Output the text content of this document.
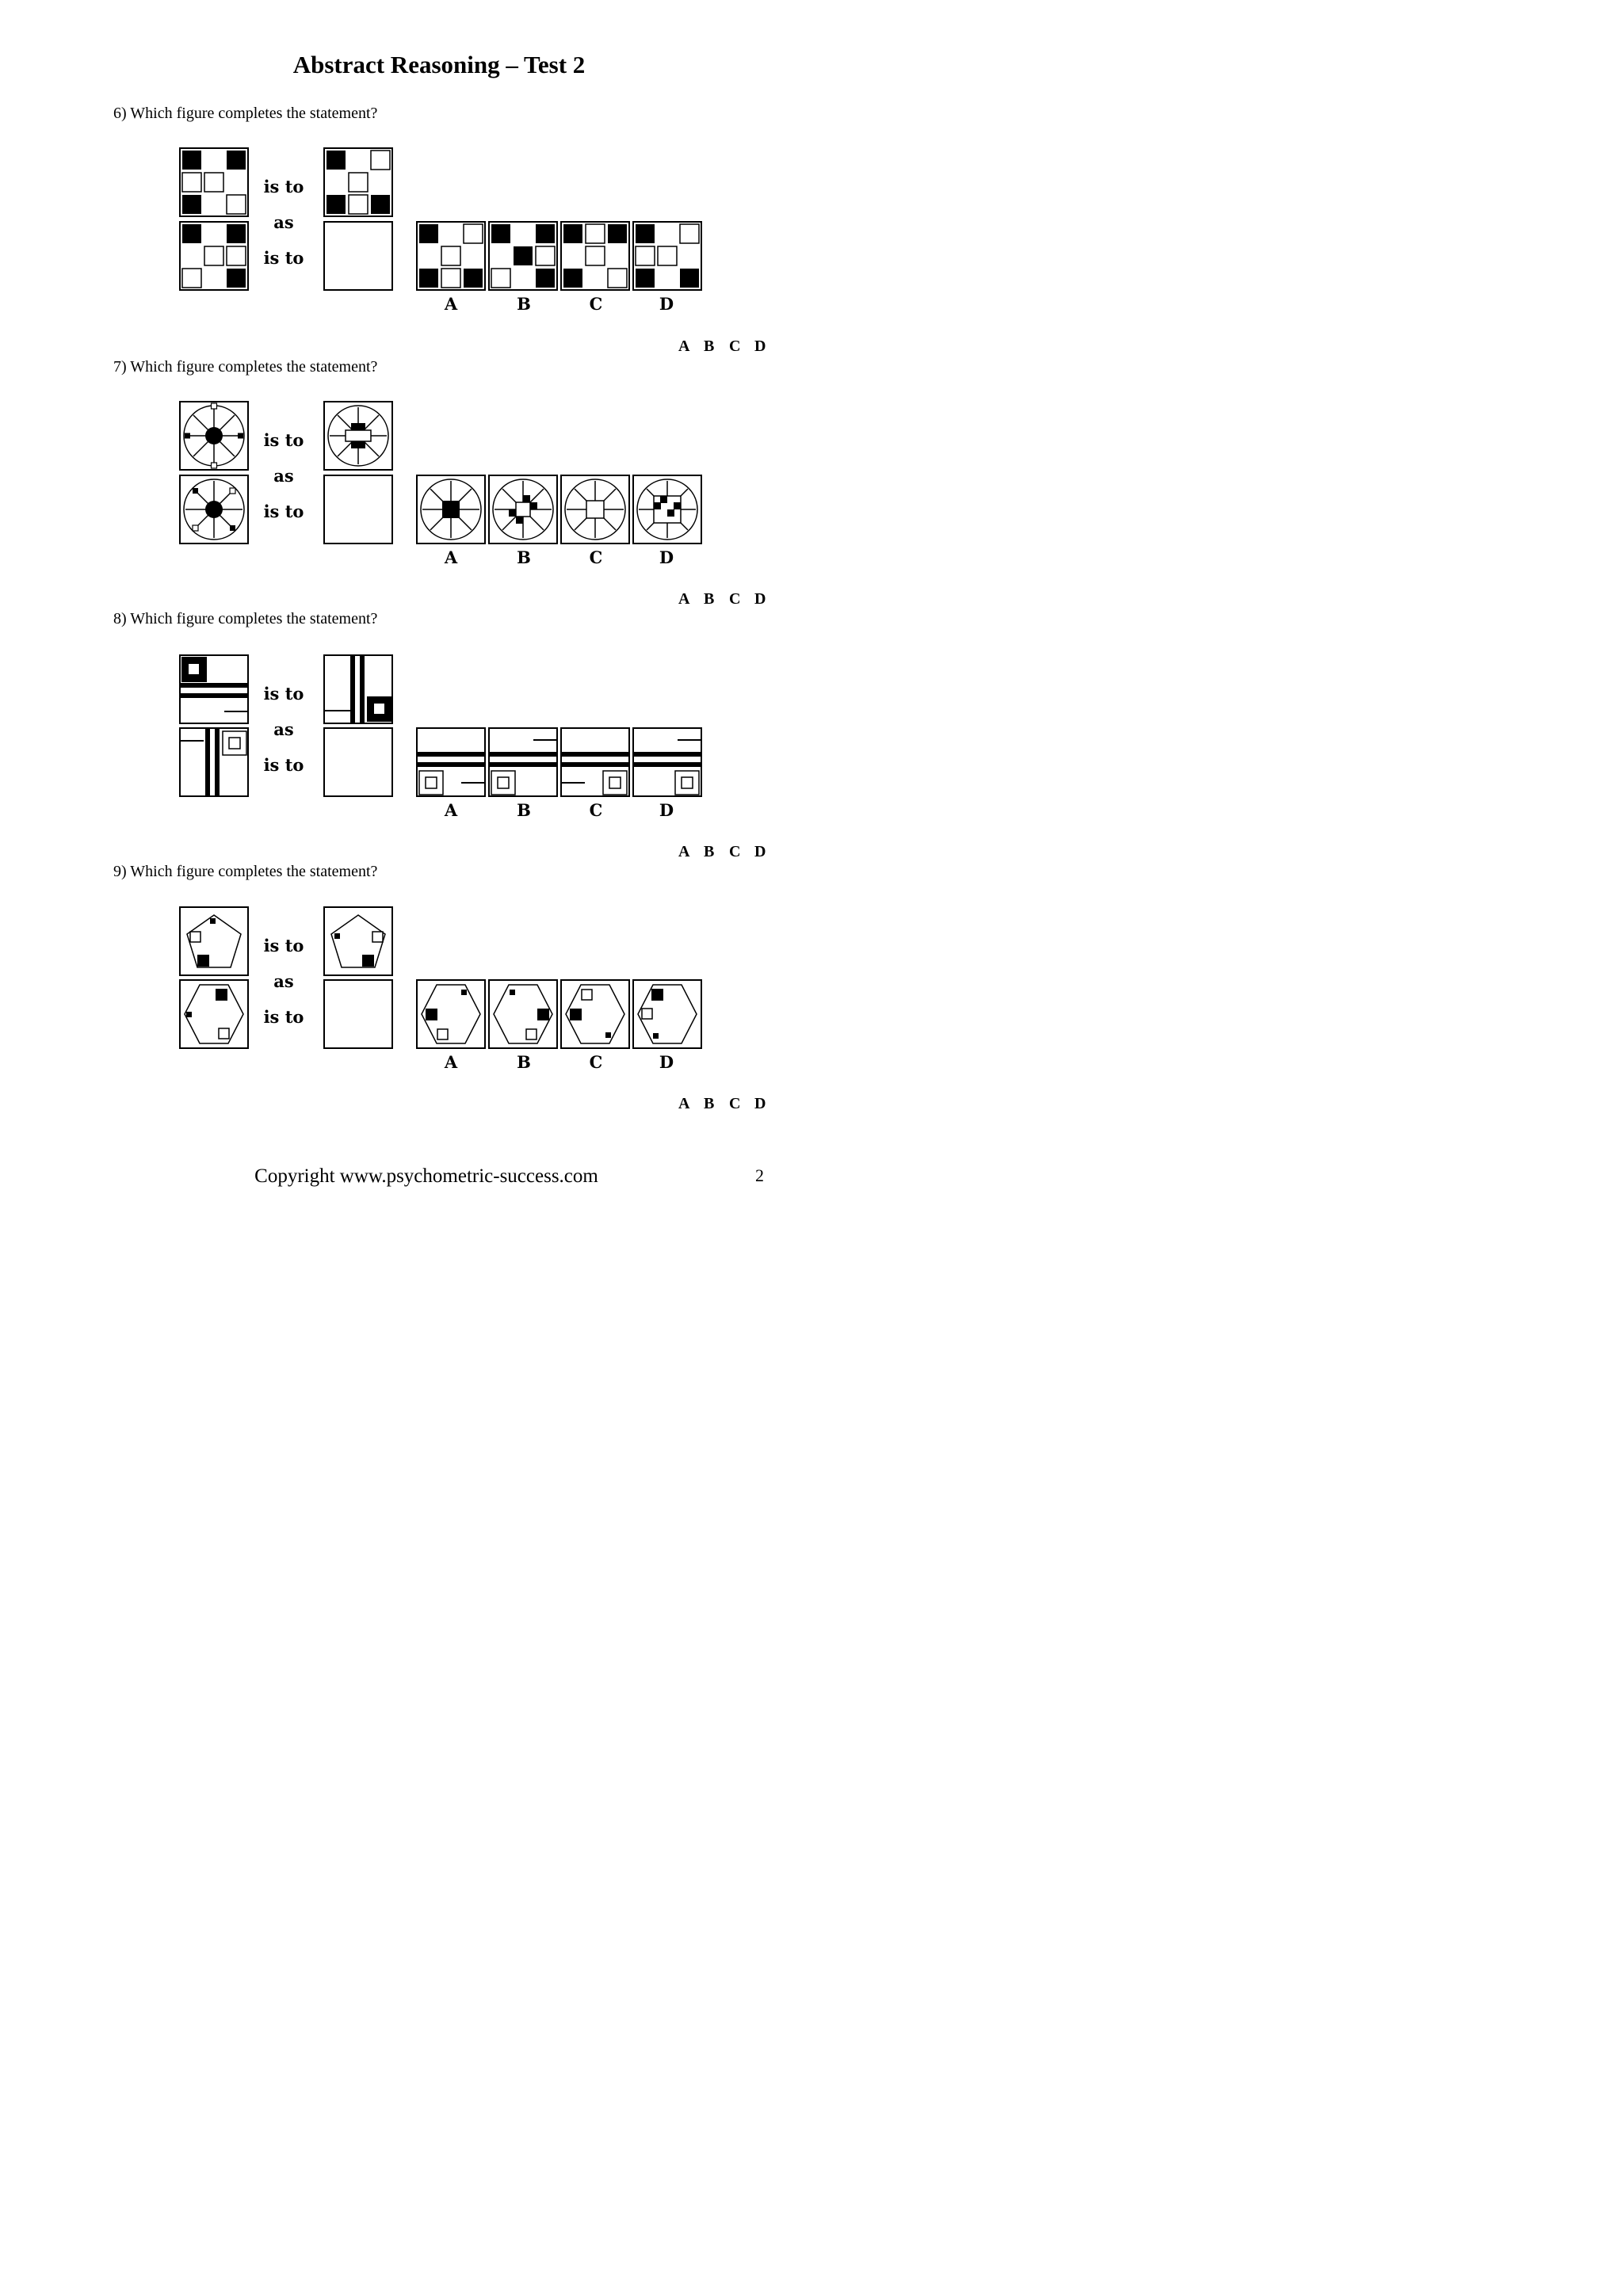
Abstract Reasoning – Test 2
6) Which figure completes the statement?
is to
as
is to
A	B	C	D
A B C D
7) Which figure completes the statement?
is to
as
is to
A	B	C	D
A B C D
8) Which figure completes the statement?
is to
as
is to
A	B	C	D
A B C D
9) Which figure completes the statement?
is to
as
is to
A	B	C	D
A B C D
Copyright www.psychometric-success.com	2
